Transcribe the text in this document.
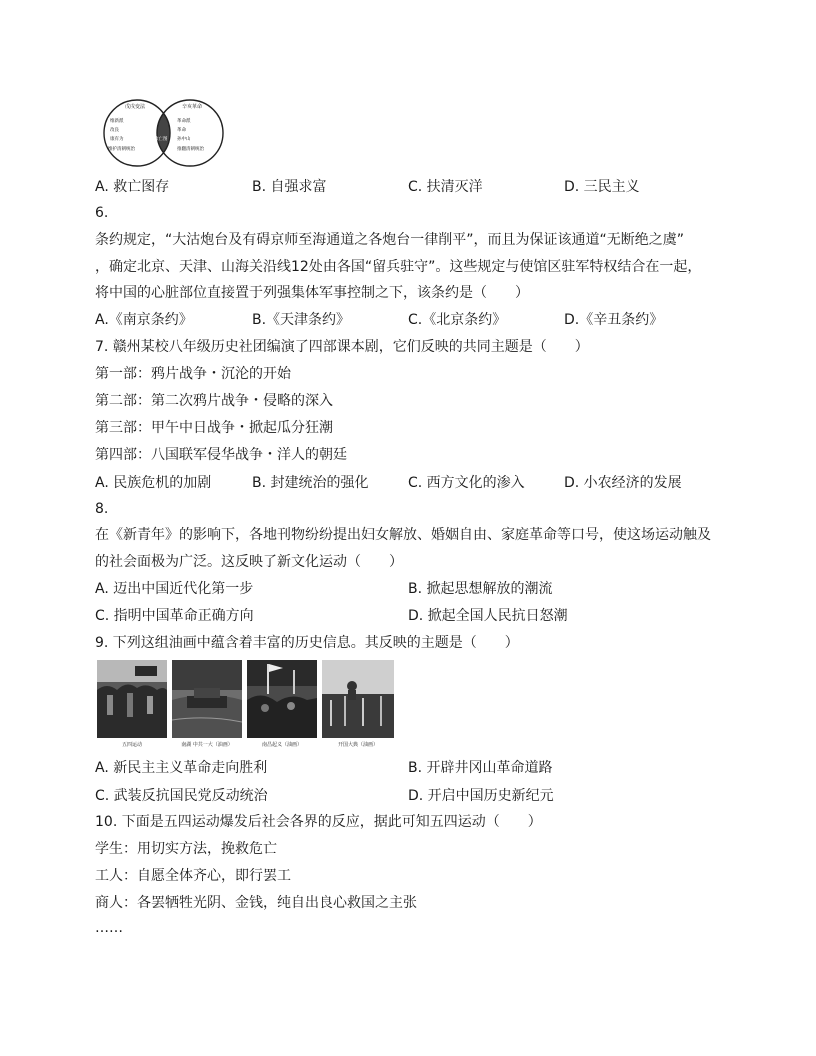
戊戌变法	辛亥革命
维新派
改良
康有为
维护清朝统治
救亡图
革命派
革命
孙中山
推翻清朝统治
A. 救亡图存	B. 自强求富	C. 扶清灭洋	D. 三民主义
6.
条约规定，“大沽炮台及有碍京师至海通道之各炮台一律削平”，而且为保证该通道“无断绝之虞”
，确定北京、天津、山海关沿线12处由各国“留兵驻守”。这些规定与使馆区驻军特权结合在一起，
将中国的心脏部位直接置于列强集体军事控制之下，该条约是（　　）
A.《南京条约》	B.《天津条约》	C.《北京条约》	D.《辛丑条约》
7. 赣州某校八年级历史社团编演了四部课本剧，它们反映的共同主题是（　　）
第一部：鸦片战争・沉沦的开始
第二部：第二次鸦片战争・侵略的深入
第三部：甲午中日战争・掀起瓜分狂潮
第四部：八国联军侵华战争・洋人的朝廷
A. 民族危机的加剧	B. 封建统治的强化	C. 西方文化的渗入	D. 小农经济的发展
8.
在《新青年》的影响下，各地刊物纷纷提出妇女解放、婚姻自由、家庭革命等口号，使这场运动触及
的社会面极为广泛。这反映了新文化运动（　　）
A. 迈出中国近代化第一步	B. 掀起思想解放的潮流
C. 指明中国革命正确方向	D. 掀起全国人民抗日怒潮
9. 下列这组油画中蕴含着丰富的历史信息。其反映的主题是（　　）
五四运动	南湖 中共一大（油画）	南昌起义（油画）	开国大典（油画）
A. 新民主主义革命走向胜利	B. 开辟井冈山革命道路
C. 武装反抗国民党反动统治	D. 开启中国历史新纪元
10. 下面是五四运动爆发后社会各界的反应，据此可知五四运动（　　）
学生：用切实方法，挽救危亡
工人：自愿全体齐心，即行罢工
商人：各罢牺牲光阴、金钱，纯自出良心救国之主张
……
